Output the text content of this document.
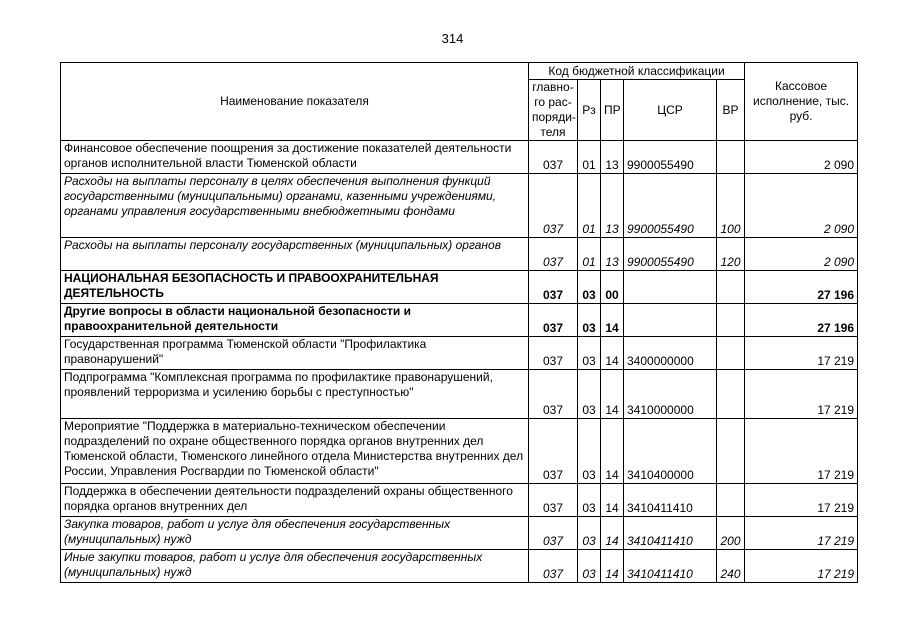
314
Наименование показателя	Код бюджетной классификации					Кассовое исполнение, тыс. руб.
	главно-го рас-поряди-теля	Рз	ПР	ЦСР	ВР	
Финансовое обеспечение поощрения за достижение показателей деятельности органов исполнительной власти Тюменской области	037	01	13	9900055490		2 090
Расходы на выплаты персоналу в целях обеспечения выполнения функций государственными (муниципальными) органами, казенными учреждениями, органами управления государственными внебюджетными фондами	037	01	13	9900055490	100	2 090
Расходы на выплаты персоналу государственных (муниципальных) органов	037	01	13	9900055490	120	2 090
НАЦИОНАЛЬНАЯ БЕЗОПАСНОСТЬ И ПРАВООХРАНИТЕЛЬНАЯ ДЕЯТЕЛЬНОСТЬ	037	03	00			27 196
Другие вопросы в области национальной безопасности и правоохранительной деятельности	037	03	14			27 196
Государственная программа Тюменской области "Профилактика правонарушений"	037	03	14	3400000000		17 219
Подпрограмма "Комплексная программа по профилактике правонарушений, проявлений терроризма и усилению борьбы с преступностью"	037	03	14	3410000000		17 219
Мероприятие "Поддержка в материально-техническом обеспечении подразделений по охране общественного порядка органов внутренних дел Тюменской области, Тюменского линейного отдела Министерства внутренних дел России, Управления Росгвардии по Тюменской области"	037	03	14	3410400000		17 219
Поддержка в обеспечении деятельности подразделений охраны общественного порядка органов внутренних дел	037	03	14	3410411410		17 219
Закупка товаров, работ и услуг для обеспечения государственных (муниципальных) нужд	037	03	14	3410411410	200	17 219
Иные закупки товаров, работ и услуг для обеспечения государственных (муниципальных) нужд	037	03	14	3410411410	240	17 219
